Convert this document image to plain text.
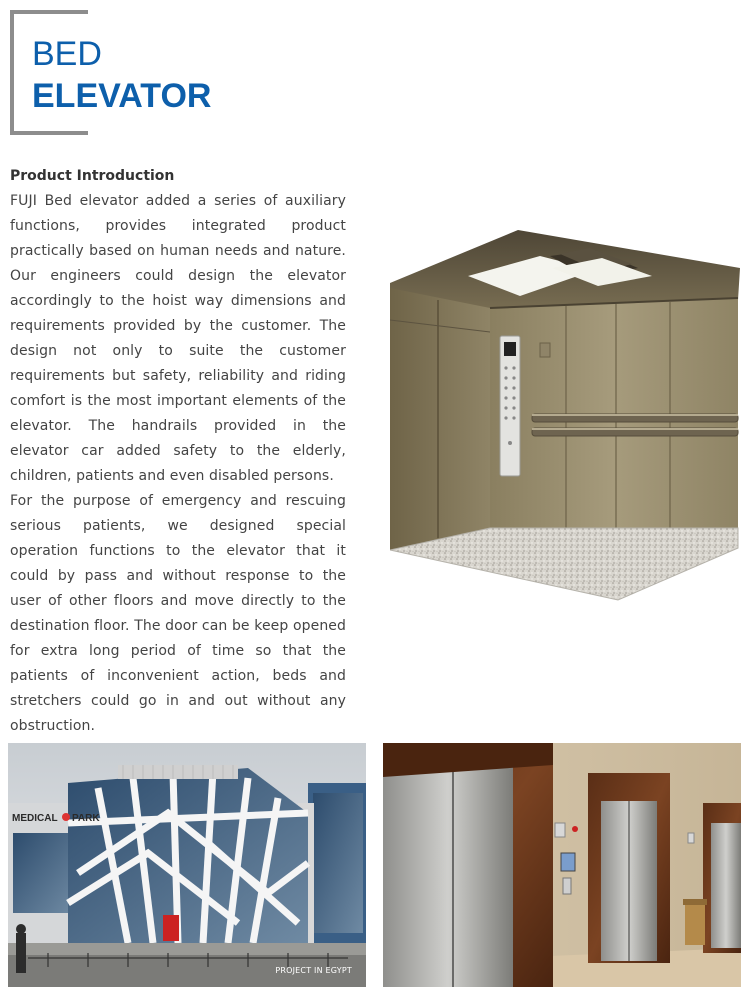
BED
ELEVATOR
Product Introduction

FUJI Bed elevator added a series of auxiliary functions, provides integrated product practically based on human needs and nature. Our engineers could design the elevator accordingly to the hoist way dimensions and requirements provided by the customer. The design not only to suite the customer requirements but safety, reliability and riding comfort is the most important elements of the elevator. The handrails provided in the elevator car added safety to the elderly, children, patients and even disabled persons.

For the purpose of emergency and rescuing serious patients, we designed special operation functions to the elevator that it could by pass and without response to the user of other floors and move directly to the destination floor. The door can be keep opened for extra long period of time so that the patients of inconvenient action, beds and stretchers could go in and out without any obstruction.

MEDICAL PARK
PROJECT IN EGYPT
